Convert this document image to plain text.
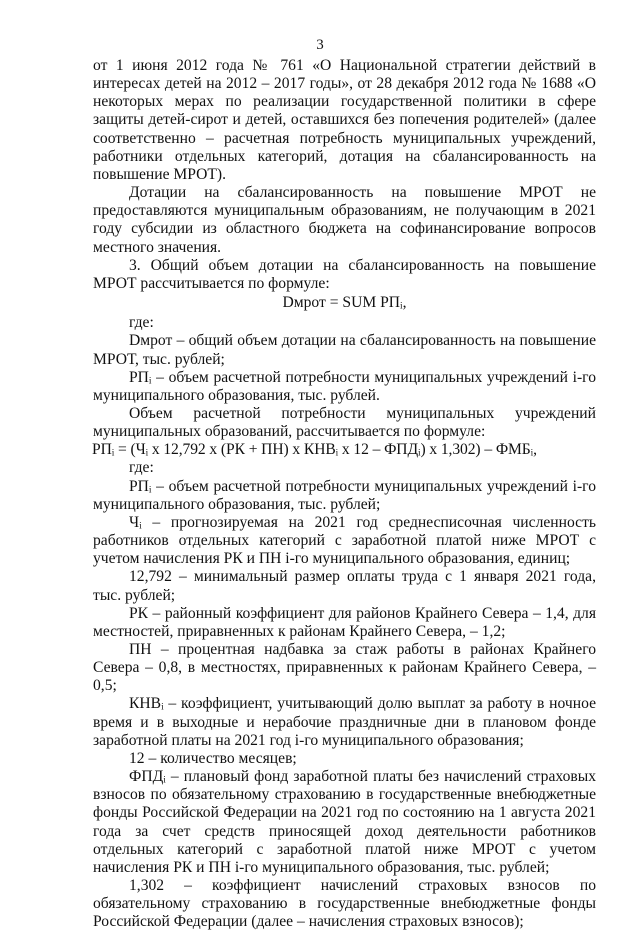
3

от 1 июня 2012 года № 761 «О Национальной стратегии действий в интересах детей на 2012 – 2017 годы», от 28 декабря 2012 года № 1688 «О некоторых мерах по реализации государственной политики в сфере защиты детей-сирот и детей, оставшихся без попечения родителей» (далее соответственно – расчетная потребность муниципальных учреждений, работники отдельных категорий, дотация на сбалансированность на повышение МРОТ).

Дотации на сбалансированность на повышение МРОТ не предоставляются муниципальным образованиям, не получающим в 2021 году субсидии из областного бюджета на софинансирование вопросов местного значения.

3. Общий объем дотации на сбалансированность на повышение МРОТ рассчитывается по формуле:

Dмрот = SUM РПᵢ,

где:

Dмрот – общий объем дотации на сбалансированность на повышение МРОТ, тыс. рублей;

РПᵢ – объем расчетной потребности муниципальных учреждений i-го муниципального образования, тыс. рублей.

Объем расчетной потребности муниципальных учреждений муниципальных образований, рассчитывается по формуле:

РПᵢ = (Чᵢ x 12,792 x (РК + ПН) x КНВᵢ x 12 – ФПДᵢ) x 1,302) – ФМБᵢ,

где:

РПᵢ – объем расчетной потребности муниципальных учреждений i-го муниципального образования, тыс. рублей;

Чᵢ – прогнозируемая на 2021 год среднесписочная численность работников отдельных категорий с заработной платой ниже МРОТ с учетом начисления РК и ПН i-го муниципального образования, единиц;

12,792 – минимальный размер оплаты труда с 1 января 2021 года, тыс. рублей;

РК – районный коэффициент для районов Крайнего Севера – 1,4, для местностей, приравненных к районам Крайнего Севера, – 1,2;

ПН – процентная надбавка за стаж работы в районах Крайнего Севера – 0,8, в местностях, приравненных к районам Крайнего Севера, – 0,5;

КНВᵢ – коэффициент, учитывающий долю выплат за работу в ночное время и в выходные и нерабочие праздничные дни в плановом фонде заработной платы на 2021 год i-го муниципального образования;

12 – количество месяцев;

ФПДᵢ – плановый фонд заработной платы без начислений страховых взносов по обязательному страхованию в государственные внебюджетные фонды Российской Федерации на 2021 год по состоянию на 1 августа 2021 года за счет средств приносящей доход деятельности работников отдельных категорий с заработной платой ниже МРОТ с учетом начисления РК и ПН i-го муниципального образования, тыс. рублей;

1,302 – коэффициент начислений страховых взносов по обязательному страхованию в государственные внебюджетные фонды Российской Федерации (далее – начисления страховых взносов);
